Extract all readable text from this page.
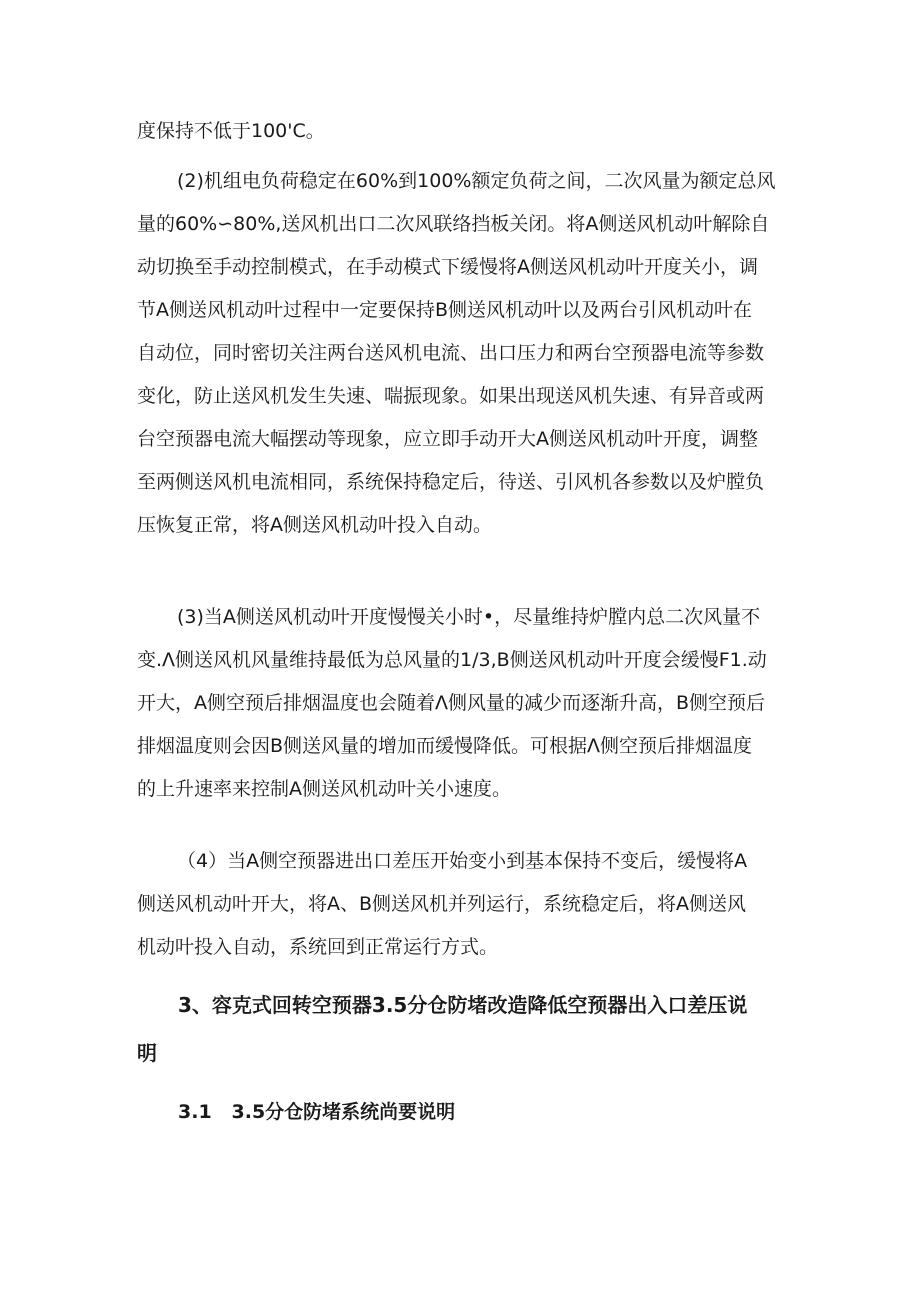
度保持不低于100'C。

(2)机组电负荷稳定在60%到100%额定负荷之间，二次风量为额定总风
量的60%∽80%,送风机出口二次风联络挡板关闭。将A侧送风机动叶解除自
动切换至手动控制模式，在手动模式下缓慢将A侧送风机动叶开度关小，调
节A侧送风机动叶过程中一定要保持B侧送风机动叶以及两台引风机动叶在
自动位，同时密切关注两台送风机电流、出口压力和两台空预器电流等参数
变化，防止送风机发生失速、喘振现象。如果出现送风机失速、有异音或两
台空预器电流大幅摆动等现象，应立即手动开大A侧送风机动叶开度，调整
至两侧送风机电流相同，系统保持稳定后，待送、引风机各参数以及炉膛负
压恢复正常，将A侧送风机动叶投入自动。

(3)当A侧送风机动叶开度慢慢关小时•，尽量维持炉膛内总二次风量不
变.Λ侧送风机风量维持最低为总风量的1/3,B侧送风机动叶开度会缓慢F1.动
开大，A侧空预后排烟温度也会随着Λ侧风量的减少而逐渐升高，B侧空预后
排烟温度则会因B侧送风量的增加而缓慢降低。可根据Λ侧空预后排烟温度
的上升速率来控制A侧送风机动叶关小速度。

（4）当A侧空预器进出口差压开始变小到基本保持不变后，缓慢将A
侧送风机动叶开大，将A、B侧送风机并列运行，系统稳定后，将A侧送风
机动叶投入自动，系统回到正常运行方式。

3、容克式回转空预器3.5分仓防堵改造降低空预器出入口差压说
明
3.1   3.5分仓防堵系统尚要说明
